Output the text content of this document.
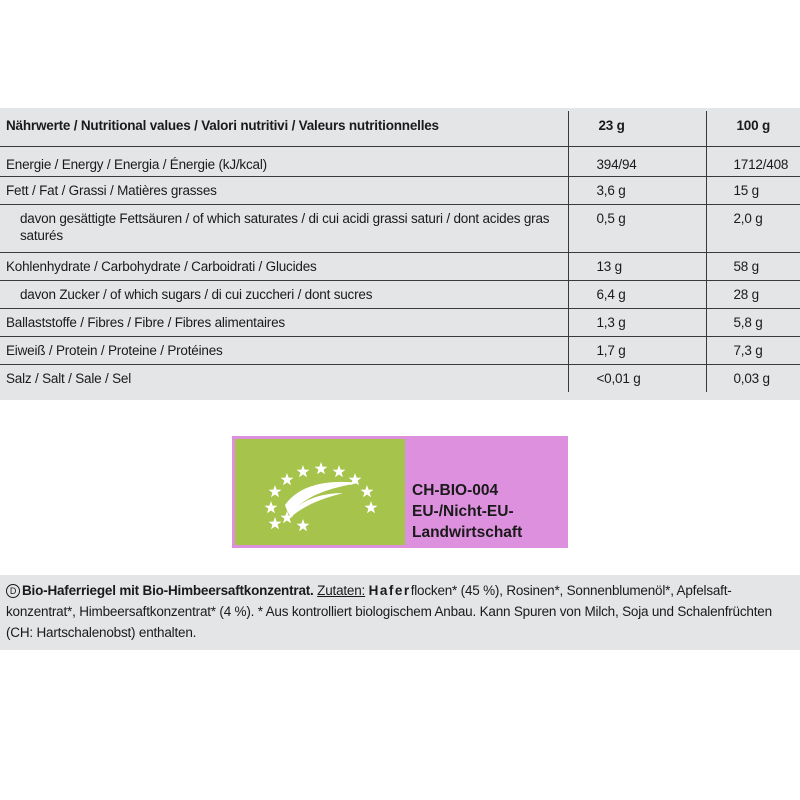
Nährwerte / Nutritional values / Valori nutritivi / Valeurs nutritionnelles	23 g	100 g
Energie / Energy / Energia / Énergie (kJ/kcal)	394/94	1712/408
Fett / Fat / Grassi / Matières grasses	3,6 g	15 g
davon gesättigte Fettsäuren / of which saturates / di cui acidi grassi saturi / dont acides gras saturés	0,5 g	2,0 g
Kohlenhydrate / Carbohydrate / Carboidrati / Glucides	13 g	58 g
davon Zucker / of which sugars / di cui zuccheri / dont sucres	6,4 g	28 g
Ballaststoffe / Fibres / Fibre / Fibres alimentaires	1,3 g	5,8 g
Eiweiß / Protein / Proteine / Protéines	1,7 g	7,3 g
Salz / Salt / Sale / Sel	<0,01 g	0,03 g
CH-BIO-004
EU-/Nicht-EU-
Landwirtschaft
D Bio-Haferriegel mit Bio-Himbeersaftkonzentrat. Zutaten: Haferflocken* (45 %), Rosinen*, Sonnenblumenöl*, Apfelsaft-konzentrat*, Himbeersaftkonzentrat* (4 %). * Aus kontrolliert biologischem Anbau. Kann Spuren von Milch, Soja und Schalenfrüchten (CH: Hartschalenobst) enthalten.
